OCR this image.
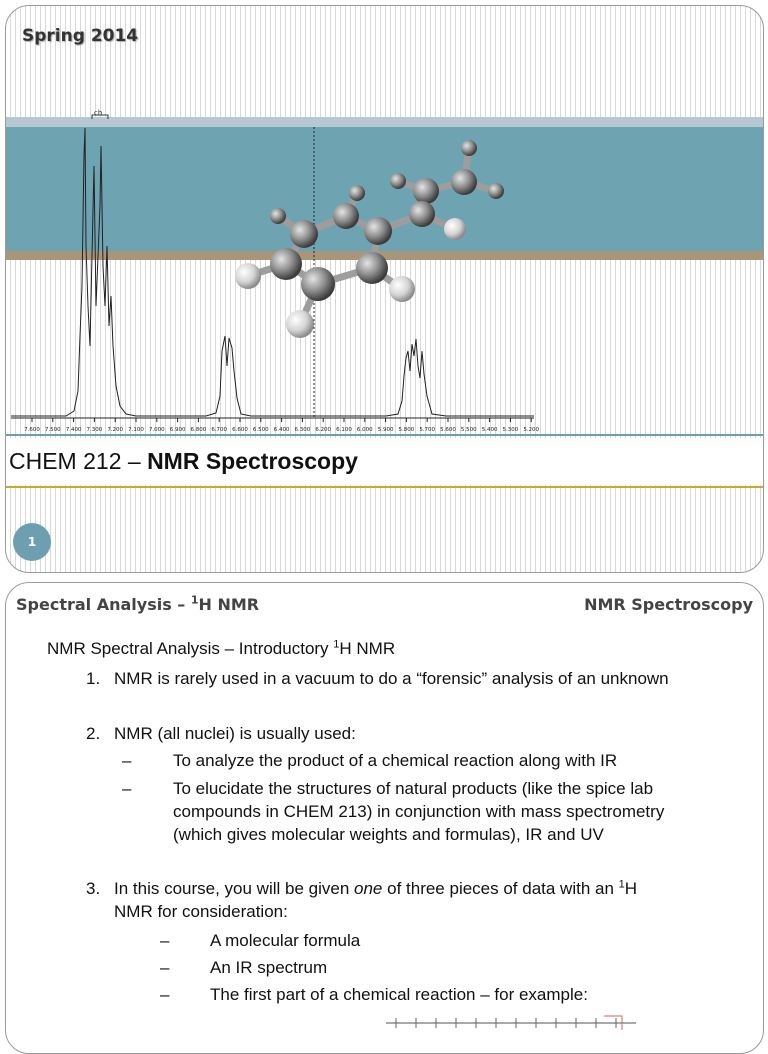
Spring 2014
ch
7.600 7.500 7.400 7.300 7.200 7.100 7.000 6.900 6.800 6.700 6.600 6.500 6.400 6.300 6.200 6.100 6.000 5.900 5.800 5.700 5.600 5.500 5.400 5.300 5.200
CHEM 212 – NMR Spectroscopy
1
Spectral Analysis – $^1$H NMR	NMR Spectroscopy
NMR Spectral Analysis – Introductory $^1$H NMR
1. NMR is rarely used in a vacuum to do a “forensic” analysis of an unknown
2. NMR (all nuclei) is usually used:
– To analyze the product of a chemical reaction along with IR
– To elucidate the structures of natural products (like the spice lab
compounds in CHEM 213) in conjunction with mass spectrometry
(which gives molecular weights and formulas), IR and UV
3. In this course, you will be given one of three pieces of data with an $^1$H
NMR for consideration:
– A molecular formula
– An IR spectrum
– The first part of a chemical reaction – for example:
